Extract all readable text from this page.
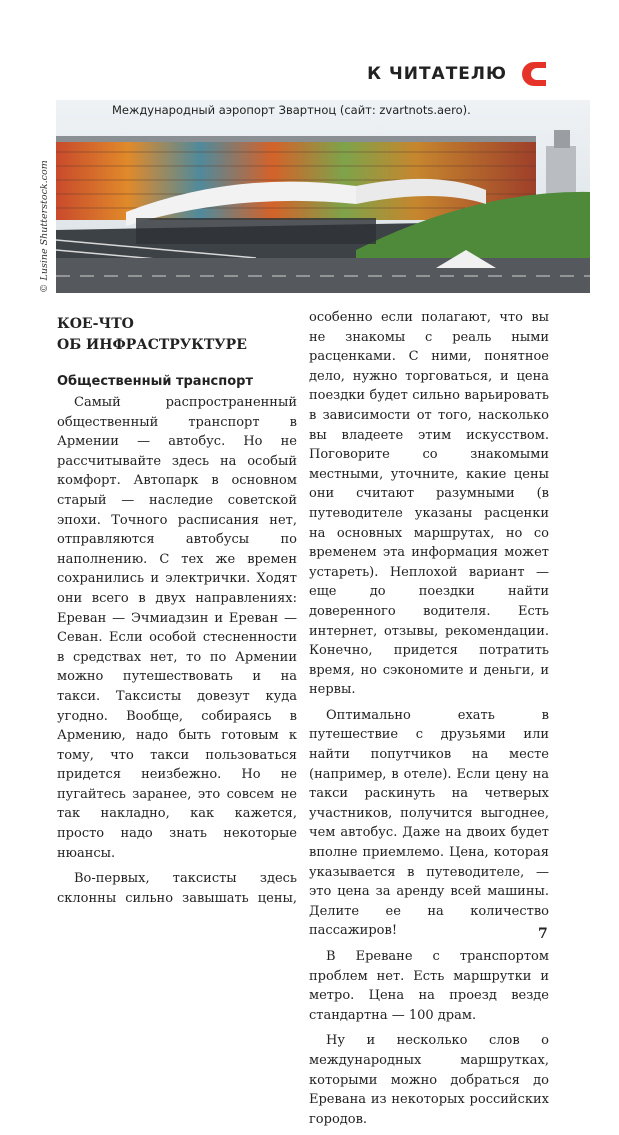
К ЧИТАТЕЛЮ
Международный аэропорт Звартноц (сайт: zvartnots.aero).
© Lusine Shutterstock.com
КОЕ-ЧТО
ОБ ИНФРАСТРУКТУРЕ
Общественный транспорт

Самый распространенный общественный транспорт в Армении — автобус. Но не рассчитывайте здесь на особый комфорт. Автопарк в основном старый — наследие советской эпохи. Точного расписания нет, отправляются автобусы по наполнению. С тех же времен сохранились и электрички. Ходят они всего в двух направлениях: Ереван — Эчмиадзин и Ереван — Севан. Если особой стесненности в средствах нет, то по Армении можно путешествовать и на такси. Таксисты довезут куда угодно. Вообще, собираясь в Армению, надо быть готовым к тому, что такси пользоваться придется неизбежно. Но не пугайтесь заранее, это совсем не так накладно, как кажется, просто надо знать некоторые нюансы.

Во-первых, таксисты здесь склонны сильно завышать цены,

особенно если полагают, что вы не знакомы с реаль ными расценками. С ними, понятное дело, нужно торговаться, и цена поездки будет сильно варьировать в зависимости от того, насколько вы владеете этим искусством. Поговорите со знакомыми местными, уточните, какие цены они считают разумными (в путеводителе указаны расценки на основных маршрутах, но со временем эта информация может устареть). Неплохой вариант — еще до поездки найти доверенного водителя. Есть интернет, отзывы, рекомендации. Конечно, придется потратить время, но сэкономите и деньги, и нервы.

Оптимально ехать в путешествие с друзьями или найти попутчиков на месте (например, в отеле). Если цену на такси раскинуть на четверых участников, получится выгоднее, чем автобус. Даже на двоих будет вполне приемлемо. Цена, которая указывается в путеводителе, — это цена за аренду всей машины. Делите ее на количество пассажиров!

В Ереване с транспортом проблем нет. Есть маршрутки и метро. Цена на проезд везде стандартна — 100 драм.

Ну и несколько слов о международных маршрутках, которыми можно добраться до Еревана из некоторых российских городов.

7
